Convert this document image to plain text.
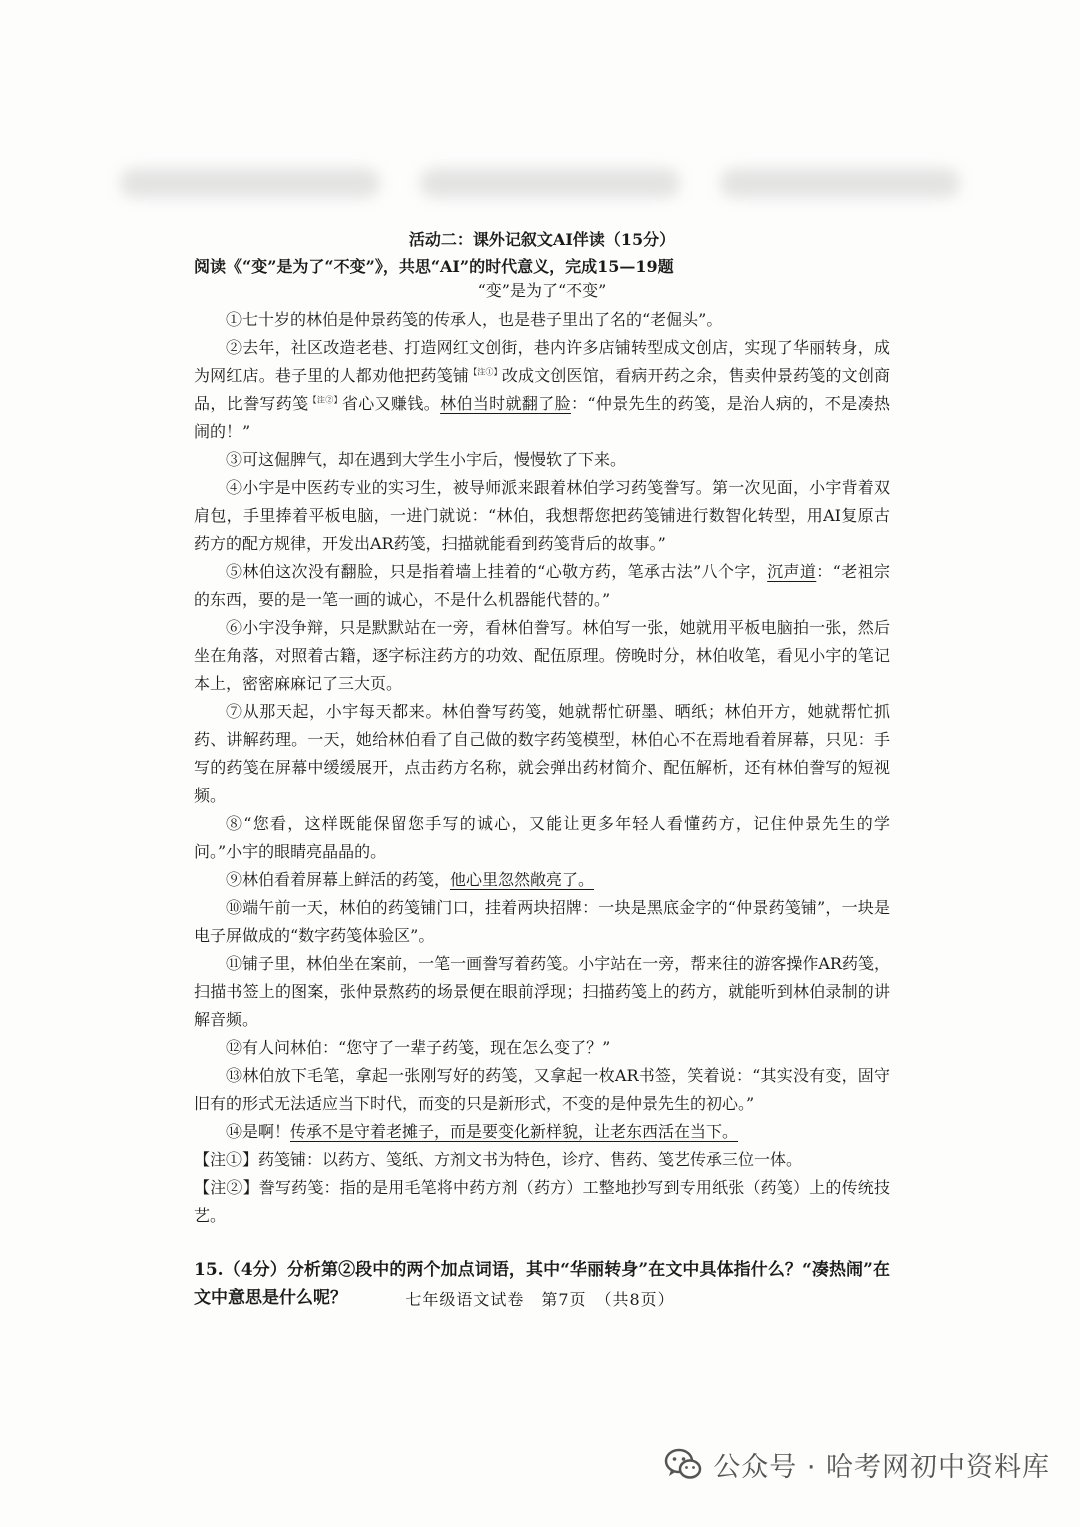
活动二：课外记叙文AI伴读（15分）

阅读《“变”是为了“不变”》，共思“AI”的时代意义，完成15—19题

“变”是为了“不变”

①七十岁的林伯是仲景药笺的传承人，也是巷子里出了名的“老倔头”。

②去年，社区改造老巷、打造网红文创街，巷内许多店铺转型成文创店，实现了华丽转身，成为网红店。巷子里的人都劝他把药笺铺$^{【注①】}$改成文创医馆，看病开药之余，售卖仲景药笺的文创商品，比誊写药笺$^{【注②】}$省心又赚钱。林伯当时就翻了脸：“仲景先生的药笺，是治人病的，不是凑热闹的！”

③可这倔脾气，却在遇到大学生小宇后，慢慢软了下来。

④小宇是中医药专业的实习生，被导师派来跟着林伯学习药笺誊写。第一次见面，小宇背着双肩包，手里捧着平板电脑，一进门就说：“林伯，我想帮您把药笺铺进行数智化转型，用AI复原古药方的配方规律，开发出AR药笺，扫描就能看到药笺背后的故事。”

⑤林伯这次没有翻脸，只是指着墙上挂着的“心敬方药，笔承古法”八个字，沉声道：“老祖宗的东西，要的是一笔一画的诚心，不是什么机器能代替的。”

⑥小宇没争辩，只是默默站在一旁，看林伯誊写。林伯写一张，她就用平板电脑拍一张，然后坐在角落，对照着古籍，逐字标注药方的功效、配伍原理。傍晚时分，林伯收笔，看见小宇的笔记本上，密密麻麻记了三大页。

⑦从那天起，小宇每天都来。林伯誊写药笺，她就帮忙研墨、晒纸；林伯开方，她就帮忙抓药、讲解药理。一天，她给林伯看了自己做的数字药笺模型，林伯心不在焉地看着屏幕，只见：手写的药笺在屏幕中缓缓展开，点击药方名称，就会弹出药材简介、配伍解析，还有林伯誊写的短视频。

⑧“您看，这样既能保留您手写的诚心，又能让更多年轻人看懂药方，记住仲景先生的学问。”小宇的眼睛亮晶晶的。

⑨林伯看着屏幕上鲜活的药笺，他心里忽然敞亮了。

⑩端午前一天，林伯的药笺铺门口，挂着两块招牌：一块是黑底金字的“仲景药笺铺”，一块是电子屏做成的“数字药笺体验区”。

⑪铺子里，林伯坐在案前，一笔一画誊写着药笺。小宇站在一旁，帮来往的游客操作AR药笺，扫描书签上的图案，张仲景熬药的场景便在眼前浮现；扫描药笺上的药方，就能听到林伯录制的讲解音频。

⑫有人问林伯：“您守了一辈子药笺，现在怎么变了？”

⑬林伯放下毛笔，拿起一张刚写好的药笺，又拿起一枚AR书签，笑着说：“其实没有变，固守旧有的形式无法适应当下时代，而变的只是新形式，不变的是仲景先生的初心。”

⑭是啊！传承不是守着老摊子，而是要变化新样貌，让老东西活在当下。

【注①】药笺铺：以药方、笺纸、方剂文书为特色，诊疗、售药、笺艺传承三位一体。

【注②】誊写药笺：指的是用毛笔将中药方剂（药方）工整地抄写到专用纸张（药笺）上的传统技艺。

15.（4分）分析第②段中的两个加点词语，其中“华丽转身”在文中具体指什么？“凑热闹”在文中意思是什么呢？	七年级语文试卷　第7页　（共8页）
公众号 · 哈考网初中资料库
